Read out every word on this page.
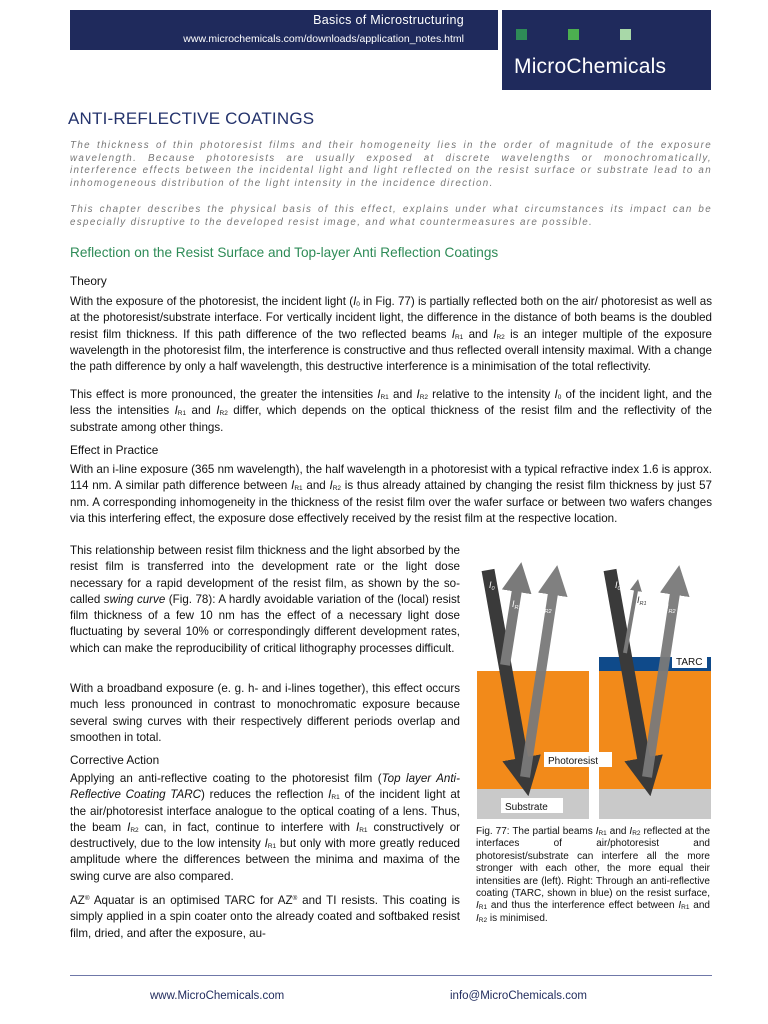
Basics of Microstructuring
www.microchemicals.com/downloads/application_notes.html
MicroChemicals
ANTI-REFLECTIVE COATINGS

The thickness of thin photoresist films and their homogeneity lies in the order of magnitude of the exposure wavelength. Because photoresists are usually exposed at discrete wavelengths or monochromatically, interference effects between the incidental light and light reflected on the resist surface or substrate lead to an inhomogeneous distribution of the light intensity in the incidence direction.

This chapter describes the physical basis of this effect, explains under what circumstances its impact can be especially disruptive to the developed resist image, and what countermeasures are possible.

Reflection on the Resist Surface and Top-layer Anti Reflection Coatings
Theory

With the exposure of the photoresist, the incident light ($I_0$ in Fig. 77) is partially reflected both on the air/ photoresist as well as at the photoresist/substrate interface. For vertically incident light, the difference in the distance of both beams is the doubled resist film thickness. If this path difference of the two reflected beams $I_{R1}$ and $I_{R2}$ is an integer multiple of the exposure wavelength in the photoresist film, the interference is constructive and thus reflected overall intensity maximal. With a change the path difference by only a half wavelength, this destructive interference is a minimisation of the total reflectivity.

This effect is more pronounced, the greater the intensities $I_{R1}$ and $I_{R2}$ relative to the intensity $I_0$ of the incident light, and the less the intensities $I_{R1}$ and $I_{R2}$ differ, which depends on the optical thickness of the resist film and the reflectivity of the substrate among other things.

Effect in Practice

With an i-line exposure (365 nm wavelength), the half wavelength in a photoresist with a typical refractive index 1.6 is approx. 114 nm. A similar path difference between $I_{R1}$ and $I_{R2}$ is thus already attained by changing the resist film thickness by just 57 nm. A corresponding inhomogeneity in the thickness of the resist film over the wafer surface or between two wafers changes via this interfering effect, the exposure dose effectively received by the resist film at the respective location.

This relationship between resist film thickness and the light absorbed by the resist film is transferred into the development rate or the light dose necessary for a rapid development of the resist film, as shown by the so-called swing curve (Fig. 78): A hardly avoidable variation of the (local) resist film thickness of a few 10 nm has the effect of a necessary light dose fluctuating by several 10% or correspondingly different development rates, which can make the reproducibility of critical lithography processes difficult.

With a broadband exposure (e. g. h- and i-lines together), this effect occurs much less pronounced in contrast to monochromatic exposure because several swing curves with their respectively different periods overlap and smoothen in total.

Corrective Action

Applying an anti-reflective coating to the photoresist film (Top layer Anti-Reflective Coating TARC) reduces the reflection $I_{R1}$ of the incident light at the air/photoresist interface analogue to the optical coating of a lens. Thus, the beam $I_{R2}$ can, in fact, continue to interfere with $I_{R1}$ constructively or destructively, due to the low intensity $I_{R1}$ but only with more greatly reduced amplitude where the differences between the minima and maxima of the swing curve are also compared.

AZ® Aquatar is an optimised TARC for AZ® and TI resists. This coating is simply applied in a spin coater onto the already coated and softbaked resist film, dried, and after the exposure, au-

$I_0$
$I_{R1}$ $I_{R2}$
$I_0$
$I_{R1}$ $I_{R2}$
TARC
Photoresist
Substrate

Fig. 77: The partial beams $I_{R1}$ and $I_{R2}$ reflected at the interfaces of air/photoresist and photoresist/substrate can interfere all the more stronger with each other, the more equal their intensities are (left). Right: Through an anti-reflective coating (TARC, shown in blue) on the resist surface, $I_{R1}$ and thus the interference effect between $I_{R1}$ and $I_{R2}$ is minimised.

www.MicroChemicals.com	info@MicroChemicals.com
